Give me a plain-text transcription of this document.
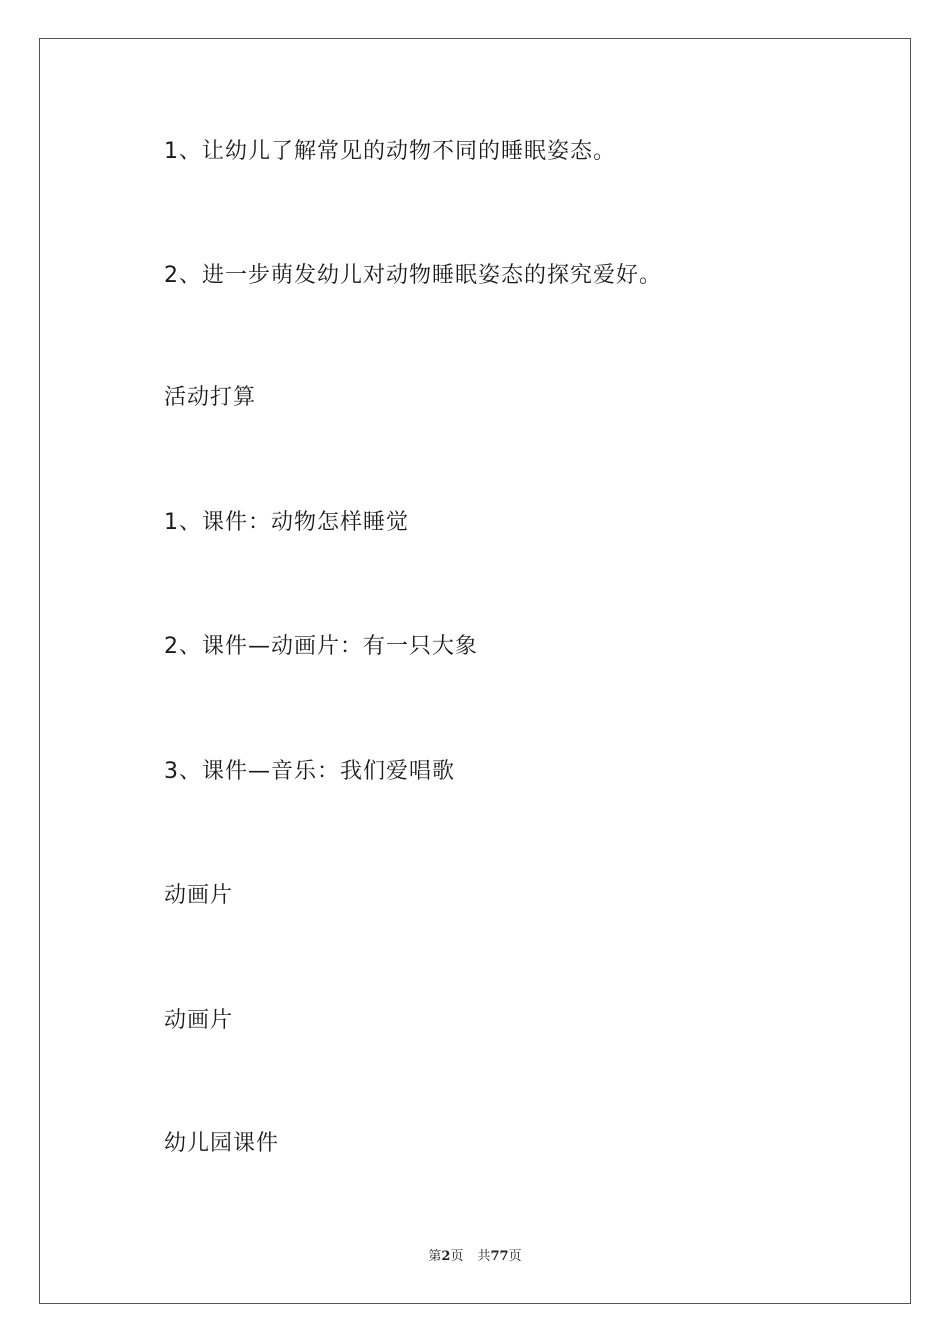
1、让幼儿了解常见的动物不同的睡眠姿态。
2、进一步萌发幼儿对动物睡眠姿态的探究爱好。
活动打算
1、课件：动物怎样睡觉
2、课件—动画片：有一只大象
3、课件—音乐：我们爱唱歌
动画片
动画片
幼儿园课件
第2页 共77页
